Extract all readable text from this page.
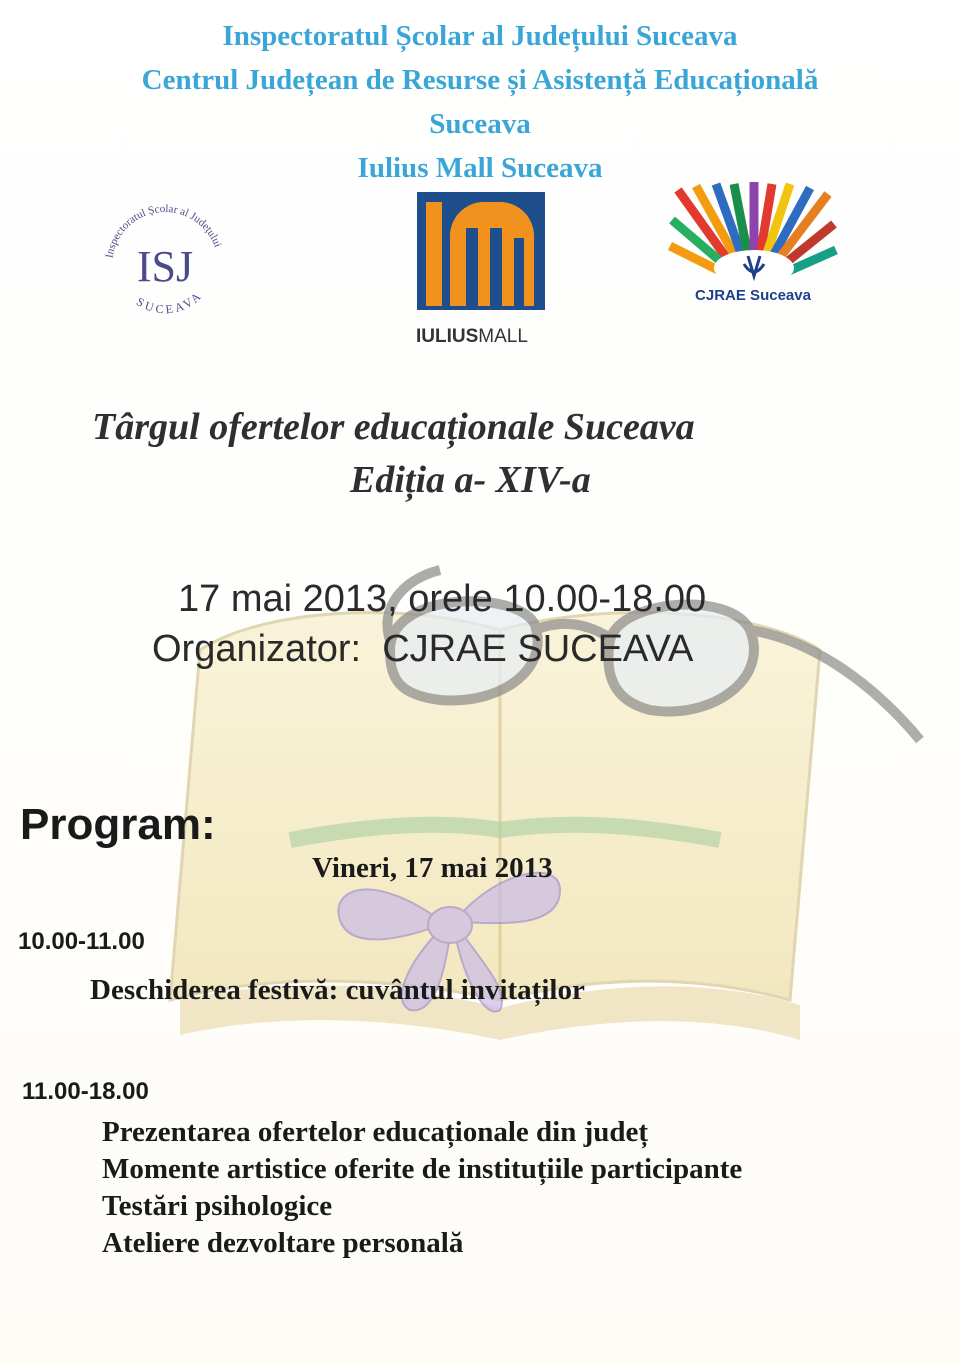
Inspectoratul Școlar al Județului Suceava
Centrul Județean de Resurse și Asistență Educațională
Suceava
Iulius Mall Suceava
Inspectoratul Școlar al Județului
SUCEAVA
ISJ
IULIUSMALL
CJRAE Suceava
Târgul ofertelor educaționale Suceava
Ediția a- XIV-a
17 mai 2013, orele 10.00-18.00
Organizator:  CJRAE SUCEAVA
Program:
Vineri, 17 mai 2013
10.00-11.00
Deschiderea festivă: cuvântul invitaților
11.00-18.00
Prezentarea ofertelor educaționale din județ
Momente artistice oferite de instituțiile participante
Testări psihologice
Ateliere dezvoltare personală
